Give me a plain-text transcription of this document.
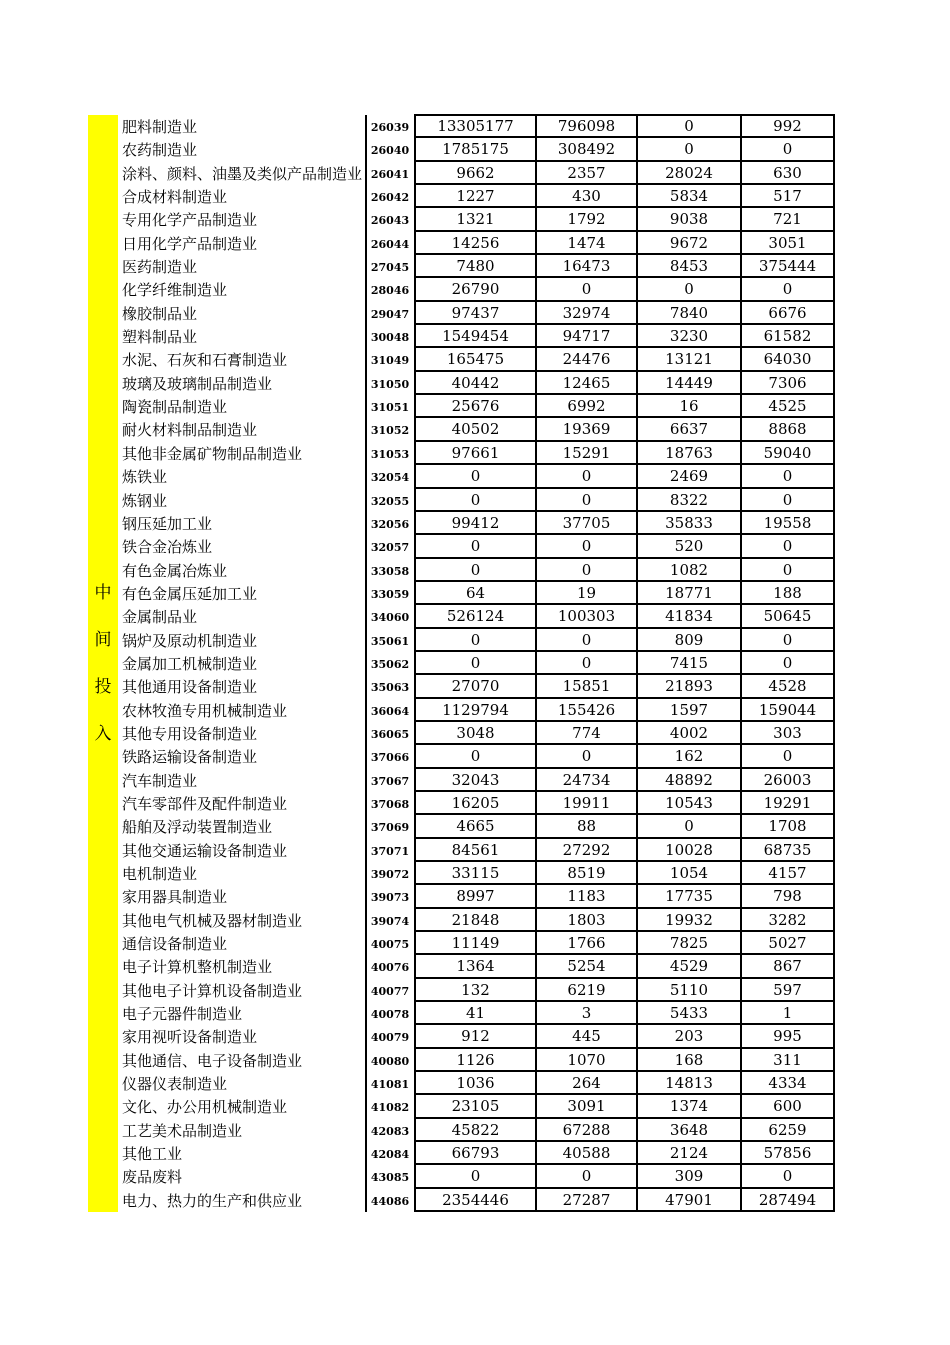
中
间
投
入
肥料制造业	26039	13305177	796098	0	992
农药制造业	26040	1785175	308492	0	0
涂料、颜料、油墨及类似产品制造业 26041	9662	2357	28024	630
合成材料制造业	26042	1227	430	5834	517
专用化学产品制造业	26043	1321	1792	9038	721
日用化学产品制造业	26044	14256	1474	9672	3051
医药制造业	27045	7480	16473	8453	375444
化学纤维制造业	28046	26790	0	0	0
橡胶制品业	29047	97437	32974	7840	6676
塑料制品业	30048	1549454	94717	3230	61582
水泥、石灰和石膏制造业	31049	165475	24476	13121	64030
玻璃及玻璃制品制造业	31050	40442	12465	14449	7306
陶瓷制品制造业	31051	25676	6992	16	4525
耐火材料制品制造业	31052	40502	19369	6637	8868
其他非金属矿物制品制造业	31053	97661	15291	18763	59040
炼铁业	32054	0	0	2469	0
炼钢业	32055	0	0	8322	0
钢压延加工业	32056	99412	37705	35833	19558
铁合金冶炼业	32057	0	0	520	0
有色金属冶炼业	33058	0	0	1082	0
有色金属压延加工业	33059	64	19	18771	188
金属制品业	34060	526124	100303	41834	50645
锅炉及原动机制造业	35061	0	0	809	0
金属加工机械制造业	35062	0	0	7415	0
其他通用设备制造业	35063	27070	15851	21893	4528
农林牧渔专用机械制造业	36064	1129794	155426	1597	159044
其他专用设备制造业	36065	3048	774	4002	303
铁路运输设备制造业	37066	0	0	162	0
汽车制造业	37067	32043	24734	48892	26003
汽车零部件及配件制造业	37068	16205	19911	10543	19291
船舶及浮动装置制造业	37069	4665	88	0	1708
其他交通运输设备制造业	37071	84561	27292	10028	68735
电机制造业	39072	33115	8519	1054	4157
家用器具制造业	39073	8997	1183	17735	798
其他电气机械及器材制造业	39074	21848	1803	19932	3282
通信设备制造业	40075	11149	1766	7825	5027
电子计算机整机制造业	40076	1364	5254	4529	867
其他电子计算机设备制造业	40077	132	6219	5110	597
电子元器件制造业	40078	41	3	5433	1
家用视听设备制造业	40079	912	445	203	995
其他通信、电子设备制造业	40080	1126	1070	168	311
仪器仪表制造业	41081	1036	264	14813	4334
文化、办公用机械制造业	41082	23105	3091	1374	600
工艺美术品制造业	42083	45822	67288	3648	6259
其他工业	42084	66793	40588	2124	57856
废品废料	43085	0	0	309	0
电力、热力的生产和供应业	44086	2354446	27287	47901	287494
